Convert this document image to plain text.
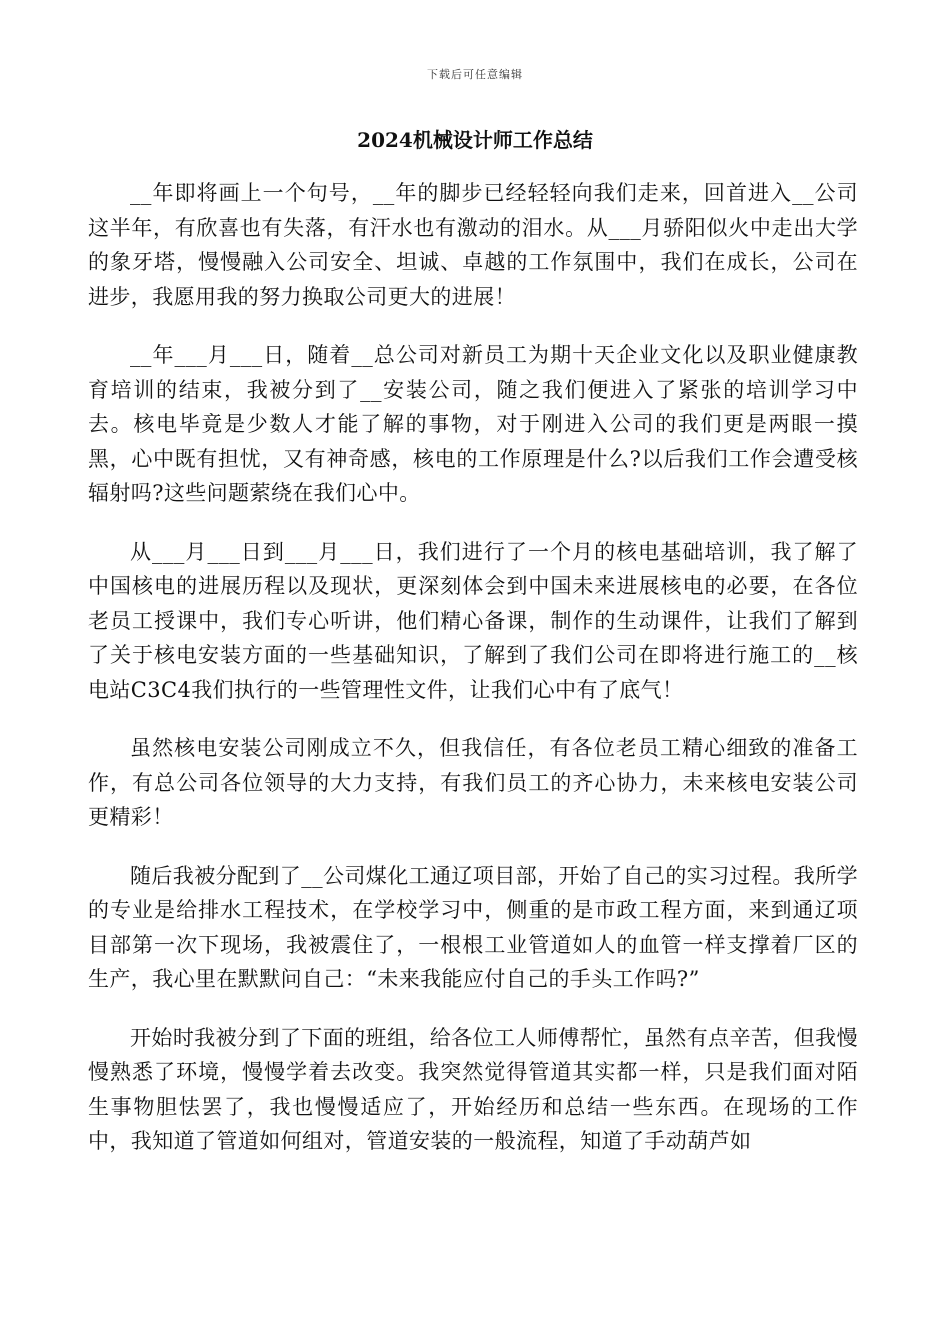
下载后可任意编辑
2024机械设计师工作总结

__年即将画上一个句号，__年的脚步已经轻轻向我们走来，回首进入__公司这半年，有欣喜也有失落，有汗水也有激动的泪水。从___月骄阳似火中走出大学的象牙塔，慢慢融入公司安全、坦诚、卓越的工作氛围中，我们在成长，公司在进步，我愿用我的努力换取公司更大的进展！

__年___月___日，随着__总公司对新员工为期十天企业文化以及职业健康教育培训的结束，我被分到了__安装公司，随之我们便进入了紧张的培训学习中去。核电毕竟是少数人才能了解的事物，对于刚进入公司的我们更是两眼一摸黑，心中既有担忧，又有神奇感，核电的工作原理是什么?以后我们工作会遭受核辐射吗?这些问题萦绕在我们心中。

从___月___日到___月___日，我们进行了一个月的核电基础培训，我了解了中国核电的进展历程以及现状，更深刻体会到中国未来进展核电的必要，在各位老员工授课中，我们专心听讲，他们精心备课，制作的生动课件，让我们了解到了关于核电安装方面的一些基础知识，了解到了我们公司在即将进行施工的__核电站C3C4我们执行的一些管理性文件，让我们心中有了底气！

虽然核电安装公司刚成立不久，但我信任，有各位老员工精心细致的准备工作，有总公司各位领导的大力支持，有我们员工的齐心协力，未来核电安装公司更精彩！

随后我被分配到了__公司煤化工通辽项目部，开始了自己的实习过程。我所学的专业是给排水工程技术，在学校学习中，侧重的是市政工程方面，来到通辽项目部第一次下现场，我被震住了，一根根工业管道如人的血管一样支撑着厂区的生产，我心里在默默问自己：“未来我能应付自己的手头工作吗?”

开始时我被分到了下面的班组，给各位工人师傅帮忙，虽然有点辛苦，但我慢慢熟悉了环境，慢慢学着去改变。我突然觉得管道其实都一样，只是我们面对陌生事物胆怯罢了，我也慢慢适应了，开始经历和总结一些东西。在现场的工作中，我知道了管道如何组对，管道安装的一般流程，知道了手动葫芦如
